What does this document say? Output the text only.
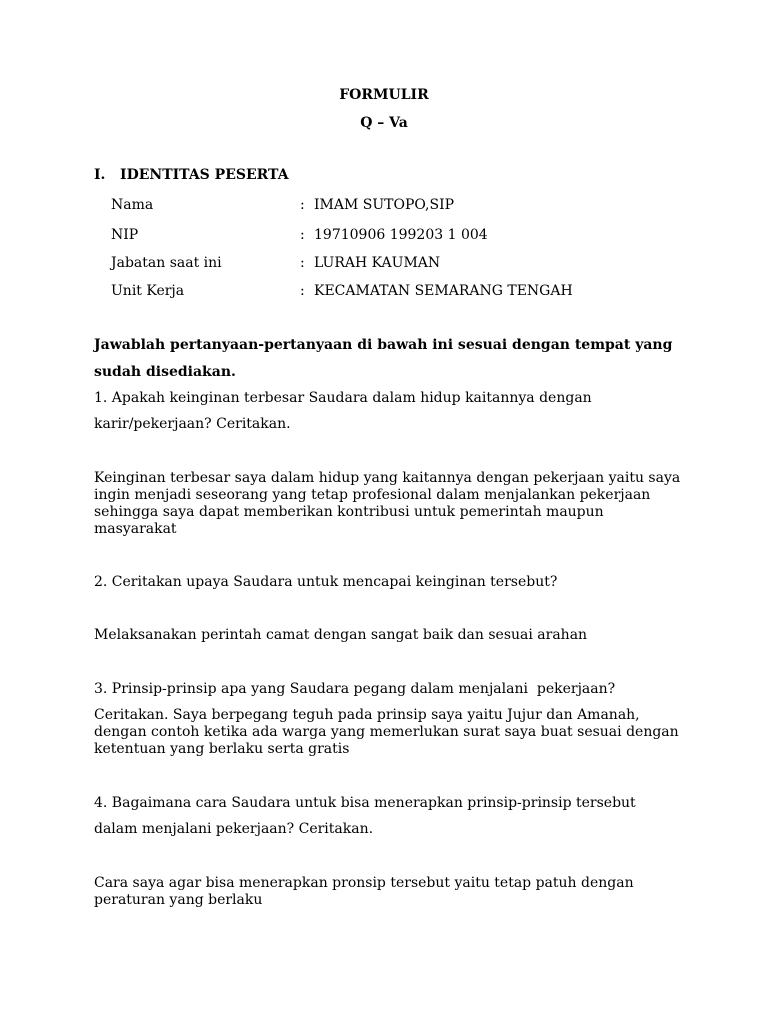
FORMULIR

Q – Va

I.   IDENTITAS PESERTA

Nama	: IMAM SUTOPO,SIP

NIP	: 19710906 199203 1 004

Jabatan saat ini	: LURAH KAUMAN

Unit Kerja	: KECAMATAN SEMARANG TENGAH

Jawablah pertanyaan-pertanyaan di bawah ini sesuai dengan tempat yang

sudah disediakan.

1. Apakah keinginan terbesar Saudara dalam hidup kaitannya dengan

karir/pekerjaan? Ceritakan.

Keinginan terbesar saya dalam hidup yang kaitannya dengan pekerjaan yaitu saya ingin menjadi seseorang yang tetap profesional dalam menjalankan pekerjaan sehingga saya dapat memberikan kontribusi untuk pemerintah maupun masyarakat

2. Ceritakan upaya Saudara untuk mencapai keinginan tersebut?

Melaksanakan perintah camat dengan sangat baik dan sesuai arahan

3. Prinsip-prinsip apa yang Saudara pegang dalam menjalani  pekerjaan?

Ceritakan. Saya berpegang teguh pada prinsip saya yaitu Jujur dan Amanah, dengan contoh ketika ada warga yang memerlukan surat saya buat sesuai dengan ketentuan yang berlaku serta gratis

4. Bagaimana cara Saudara untuk bisa menerapkan prinsip-prinsip tersebut

dalam menjalani pekerjaan? Ceritakan.

Cara saya agar bisa menerapkan pronsip tersebut yaitu tetap patuh dengan peraturan yang berlaku
